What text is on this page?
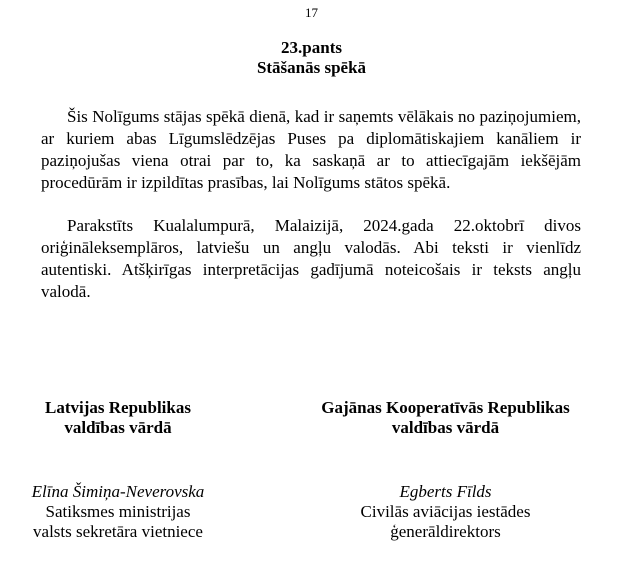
17
23.pants
Stāšanās spēkā

Šis Nolīgums stājas spēkā dienā, kad ir saņemts vēlākais no paziņojumiem, ar kuriem abas Līgumslēdzējas Puses pa diplomātiskajiem kanāliem ir paziņojušas viena otrai par to, ka saskaņā ar to attiecīgajām iekšējām procedūrām ir izpildītas prasības, lai Nolīgums stātos spēkā.

Parakstīts Kualalumpurā, Malaizijā, 2024.gada 22.oktobrī divos oriģināleksemplāros, latviešu un angļu valodās. Abi teksti ir vienlīdz autentiski. Atšķirīgas interpretācijas gadījumā noteicošais ir teksts angļu valodā.

Latvijas Republikas
valdības vārdā
Gajānas Kooperatīvās Republikas
valdības vārdā
Elīna Šimiņa-Neverovska
Satiksmes ministrijas
valsts sekretāra vietniece
Egberts Fīlds
Civilās aviācijas iestādes
ģenerāldirektors
